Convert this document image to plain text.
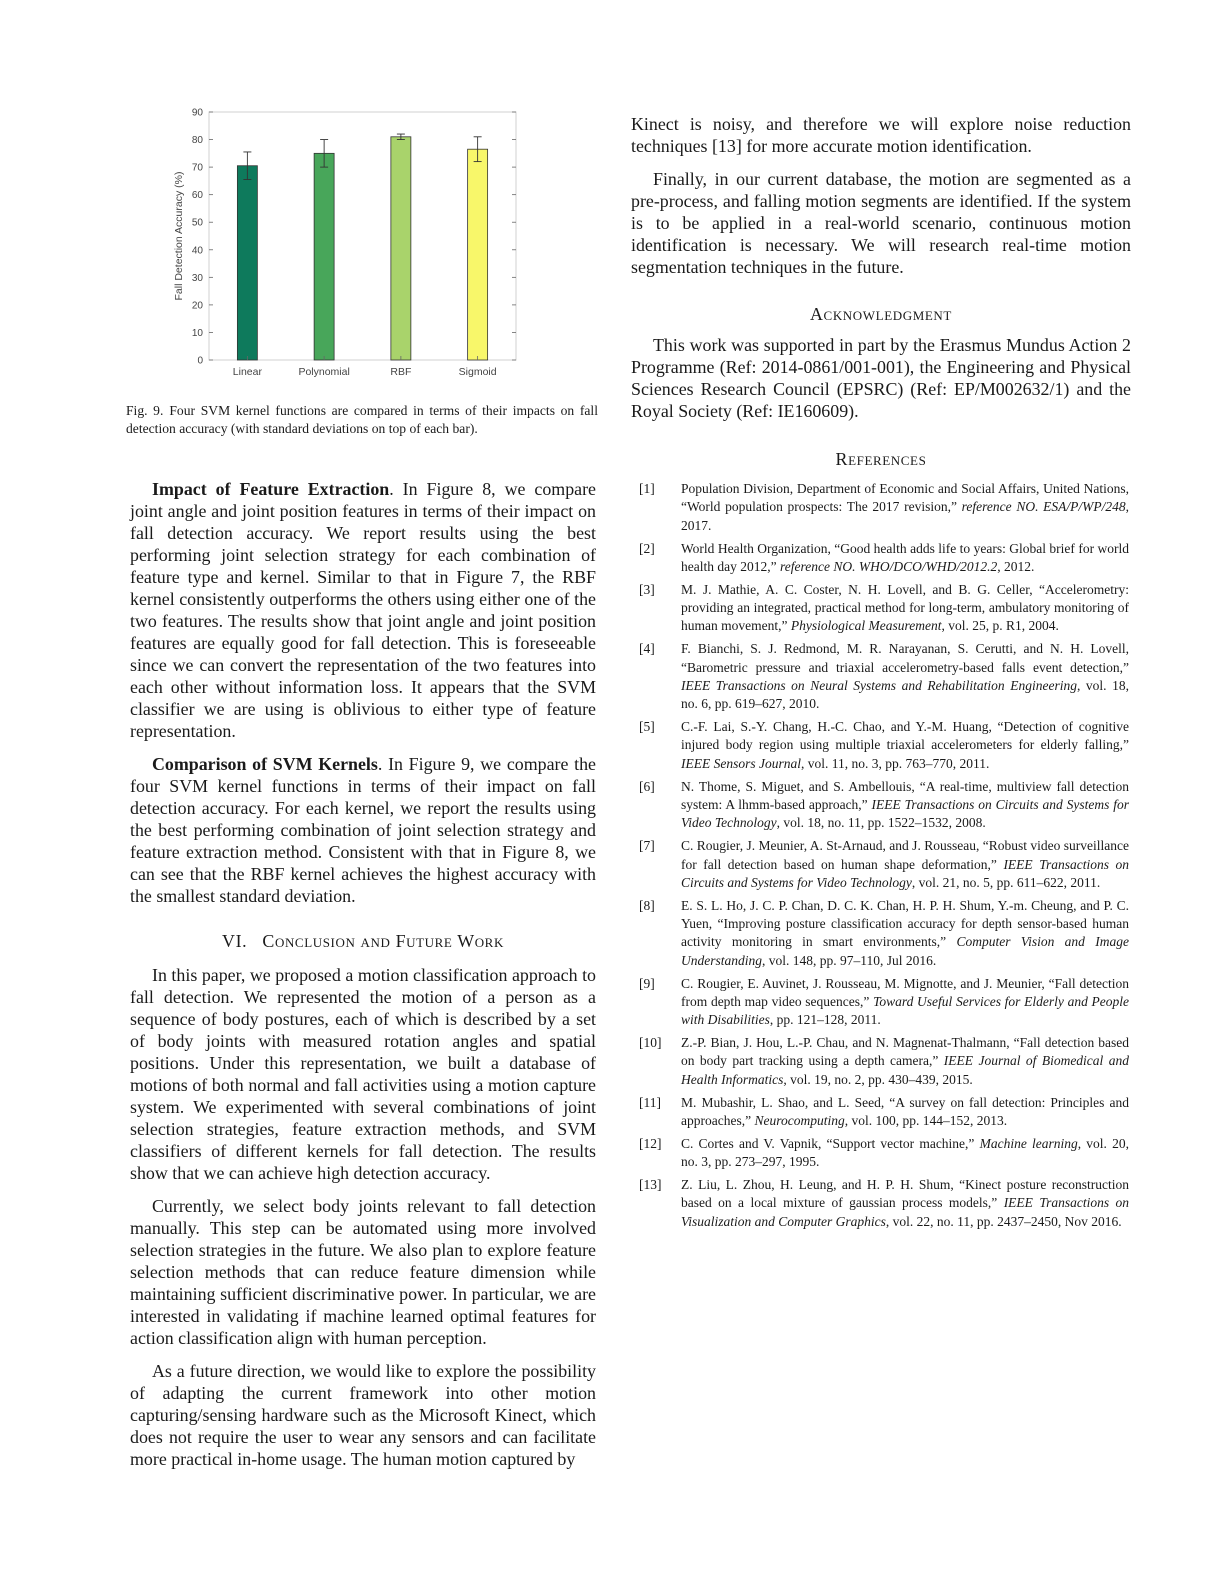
0
10
20
30
40
50
60
70
80
90
Linear	Polynomial	RBF	Sigmoid
Fall Detection Accuracy (%)
Fig. 9. Four SVM kernel functions are compared in terms of their impacts on fall detection accuracy (with standard deviations on top of each bar).

Impact of Feature Extraction. In Figure 8, we compare joint angle and joint position features in terms of their impact on fall detection accuracy. We report results using the best performing joint selection strategy for each combination of feature type and kernel. Similar to that in Figure 7, the RBF kernel consistently outperforms the others using either one of the two features. The results show that joint angle and joint position features are equally good for fall detection. This is foreseeable since we can convert the representation of the two features into each other without information loss. It appears that the SVM classifier we are using is oblivious to either type of feature representation.

Comparison of SVM Kernels. In Figure 9, we compare the four SVM kernel functions in terms of their impact on fall detection accuracy. For each kernel, we report the results using the best performing combination of joint selection strategy and feature extraction method. Consistent with that in Figure 8, we can see that the RBF kernel achieves the highest accuracy with the smallest standard deviation.

VI. Conclusion and Future Work

In this paper, we proposed a motion classification approach to fall detection. We represented the motion of a person as a sequence of body postures, each of which is described by a set of body joints with measured rotation angles and spatial positions. Under this representation, we built a database of motions of both normal and fall activities using a motion capture system. We experimented with several combinations of joint selection strategies, feature extraction methods, and SVM classifiers of different kernels for fall detection. The results show that we can achieve high detection accuracy.

Currently, we select body joints relevant to fall detection manually. This step can be automated using more involved selection strategies in the future. We also plan to explore feature selection methods that can reduce feature dimension while maintaining sufficient discriminative power. In particular, we are interested in validating if machine learned optimal features for action classification align with human perception.

As a future direction, we would like to explore the possibility of adapting the current framework into other motion capturing/sensing hardware such as the Microsoft Kinect, which does not require the user to wear any sensors and can facilitate more practical in-home usage. The human motion captured by

Kinect is noisy, and therefore we will explore noise reduction techniques [13] for more accurate motion identification.

Finally, in our current database, the motion are segmented as a pre-process, and falling motion segments are identified. If the system is to be applied in a real-world scenario, continuous motion identification is necessary. We will research real-time motion segmentation techniques in the future.

Acknowledgment

This work was supported in part by the Erasmus Mundus Action 2 Programme (Ref: 2014-0861/001-001), the Engineering and Physical Sciences Research Council (EPSRC) (Ref: EP/M002632/1) and the Royal Society (Ref: IE160609).

References

[1]	Population Division, Department of Economic and Social Affairs, United Nations, “World population prospects: The 2017 revision,” reference NO. ESA/P/WP/248, 2017.
[2]	World Health Organization, “Good health adds life to years: Global brief for world health day 2012,” reference NO. WHO/DCO/WHD/2012.2, 2012.
[3]	M. J. Mathie, A. C. Coster, N. H. Lovell, and B. G. Celler, “Accelerometry: providing an integrated, practical method for long-term, ambulatory monitoring of human movement,” Physiological Measurement, vol. 25, p. R1, 2004.
[4]	F. Bianchi, S. J. Redmond, M. R. Narayanan, S. Cerutti, and N. H. Lovell, “Barometric pressure and triaxial accelerometry-based falls event detection,” IEEE Transactions on Neural Systems and Rehabilitation Engineering, vol. 18, no. 6, pp. 619–627, 2010.
[5]	C.-F. Lai, S.-Y. Chang, H.-C. Chao, and Y.-M. Huang, “Detection of cognitive injured body region using multiple triaxial accelerometers for elderly falling,” IEEE Sensors Journal, vol. 11, no. 3, pp. 763–770, 2011.
[6]	N. Thome, S. Miguet, and S. Ambellouis, “A real-time, multiview fall detection system: A lhmm-based approach,” IEEE Transactions on Circuits and Systems for Video Technology, vol. 18, no. 11, pp. 1522–1532, 2008.
[7]	C. Rougier, J. Meunier, A. St-Arnaud, and J. Rousseau, “Robust video surveillance for fall detection based on human shape deformation,” IEEE Transactions on Circuits and Systems for Video Technology, vol. 21, no. 5, pp. 611–622, 2011.
[8]	E. S. L. Ho, J. C. P. Chan, D. C. K. Chan, H. P. H. Shum, Y.-m. Cheung, and P. C. Yuen, “Improving posture classification accuracy for depth sensor-based human activity monitoring in smart environments,” Computer Vision and Image Understanding, vol. 148, pp. 97–110, Jul 2016.
[9]	C. Rougier, E. Auvinet, J. Rousseau, M. Mignotte, and J. Meunier, “Fall detection from depth map video sequences,” Toward Useful Services for Elderly and People with Disabilities, pp. 121–128, 2011.
[10]	Z.-P. Bian, J. Hou, L.-P. Chau, and N. Magnenat-Thalmann, “Fall detection based on body part tracking using a depth camera,” IEEE Journal of Biomedical and Health Informatics, vol. 19, no. 2, pp. 430–439, 2015.
[11]	M. Mubashir, L. Shao, and L. Seed, “A survey on fall detection: Principles and approaches,” Neurocomputing, vol. 100, pp. 144–152, 2013.
[12]	C. Cortes and V. Vapnik, “Support vector machine,” Machine learning, vol. 20, no. 3, pp. 273–297, 1995.
[13]	Z. Liu, L. Zhou, H. Leung, and H. P. H. Shum, “Kinect posture reconstruction based on a local mixture of gaussian process models,” IEEE Transactions on Visualization and Computer Graphics, vol. 22, no. 11, pp. 2437–2450, Nov 2016.
